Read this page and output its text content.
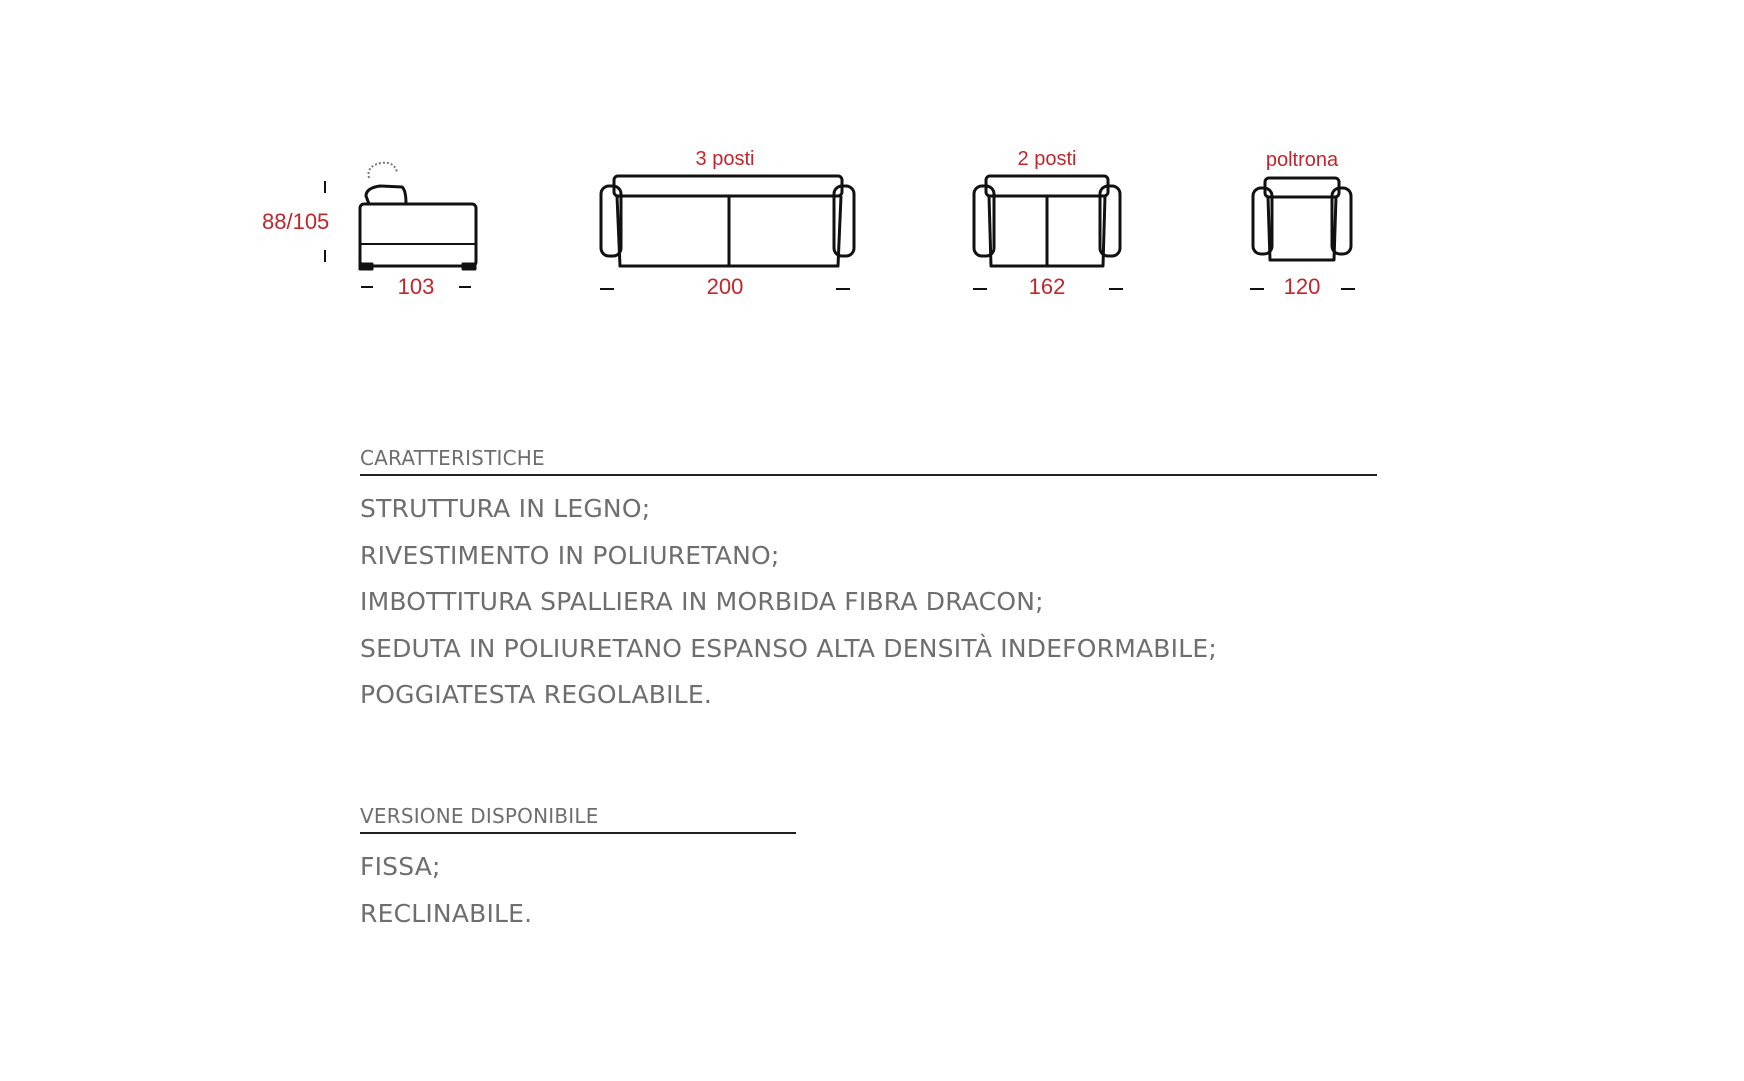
88/105
103
3 posti
200
2 posti
162
poltrona
120
CARATTERISTICHE
STRUTTURA IN LEGNO;
RIVESTIMENTO IN POLIURETANO;
IMBOTTITURA SPALLIERA IN MORBIDA FIBRA DRACON;
SEDUTA IN POLIURETANO ESPANSO ALTA DENSITÀ INDEFORMABILE;
POGGIATESTA REGOLABILE.
VERSIONE DISPONIBILE
FISSA;
RECLINABILE.
